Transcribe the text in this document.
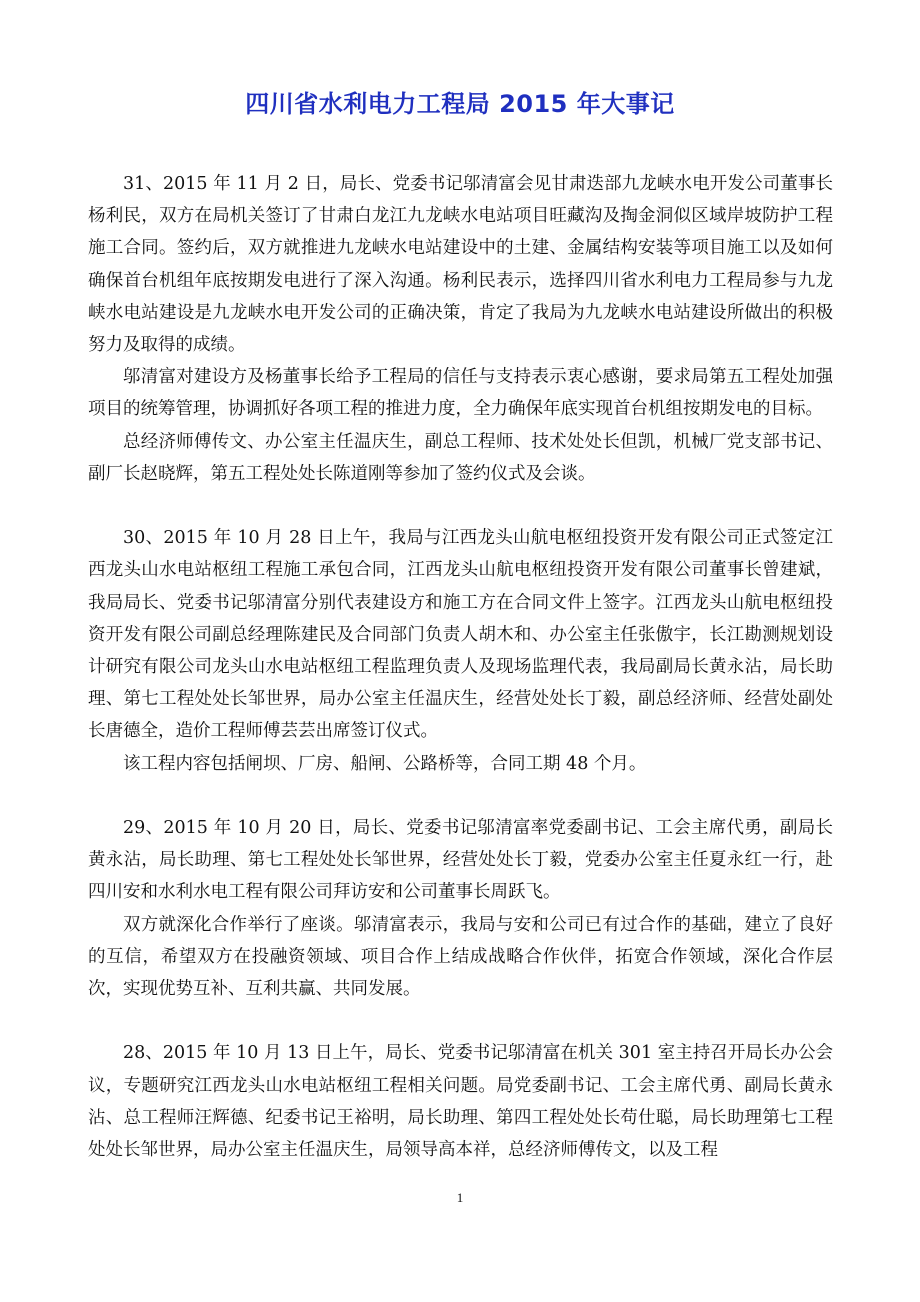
四川省水利电力工程局 2015 年大事记

31、2015 年 11 月 2 日，局长、党委书记邬清富会见甘肃迭部九龙峡水电开发公司董事长杨利民，双方在局机关签订了甘肃白龙江九龙峡水电站项目旺藏沟及掏金洞似区域岸坡防护工程施工合同。签约后，双方就推进九龙峡水电站建设中的土建、金属结构安装等项目施工以及如何确保首台机组年底按期发电进行了深入沟通。杨利民表示，选择四川省水利电力工程局参与九龙峡水电站建设是九龙峡水电开发公司的正确决策，肯定了我局为九龙峡水电站建设所做出的积极努力及取得的成绩。

邬清富对建设方及杨董事长给予工程局的信任与支持表示衷心感谢，要求局第五工程处加强项目的统筹管理，协调抓好各项工程的推进力度，全力确保年底实现首台机组按期发电的目标。

总经济师傅传文、办公室主任温庆生，副总工程师、技术处处长但凯，机械厂党支部书记、副厂长赵晓辉，第五工程处处长陈道刚等参加了签约仪式及会谈。

30、2015 年 10 月 28 日上午，我局与江西龙头山航电枢纽投资开发有限公司正式签定江西龙头山水电站枢纽工程施工承包合同，江西龙头山航电枢纽投资开发有限公司董事长曾建斌，我局局长、党委书记邬清富分别代表建设方和施工方在合同文件上签字。江西龙头山航电枢纽投资开发有限公司副总经理陈建民及合同部门负责人胡木和、办公室主任张傲宇，长江勘测规划设计研究有限公司龙头山水电站枢纽工程监理负责人及现场监理代表，我局副局长黄永沾，局长助理、第七工程处处长邹世界，局办公室主任温庆生，经营处处长丁毅，副总经济师、经营处副处长唐德全，造价工程师傅芸芸出席签订仪式。

该工程内容包括闸坝、厂房、船闸、公路桥等，合同工期 48 个月。

29、2015 年 10 月 20 日，局长、党委书记邬清富率党委副书记、工会主席代勇，副局长黄永沾，局长助理、第七工程处处长邹世界，经营处处长丁毅，党委办公室主任夏永红一行，赴四川安和水利水电工程有限公司拜访安和公司董事长周跃飞。

双方就深化合作举行了座谈。邬清富表示，我局与安和公司已有过合作的基础，建立了良好的互信，希望双方在投融资领域、项目合作上结成战略合作伙伴，拓宽合作领域，深化合作层次，实现优势互补、互利共赢、共同发展。

28、2015 年 10 月 13 日上午，局长、党委书记邬清富在机关 301 室主持召开局长办公会议，专题研究江西龙头山水电站枢纽工程相关问题。局党委副书记、工会主席代勇、副局长黄永沾、总工程师汪辉德、纪委书记王裕明，局长助理、第四工程处处长苟仕聪，局长助理第七工程处处长邹世界，局办公室主任温庆生，局领导高本祥，总经济师傅传文，以及工程

1
